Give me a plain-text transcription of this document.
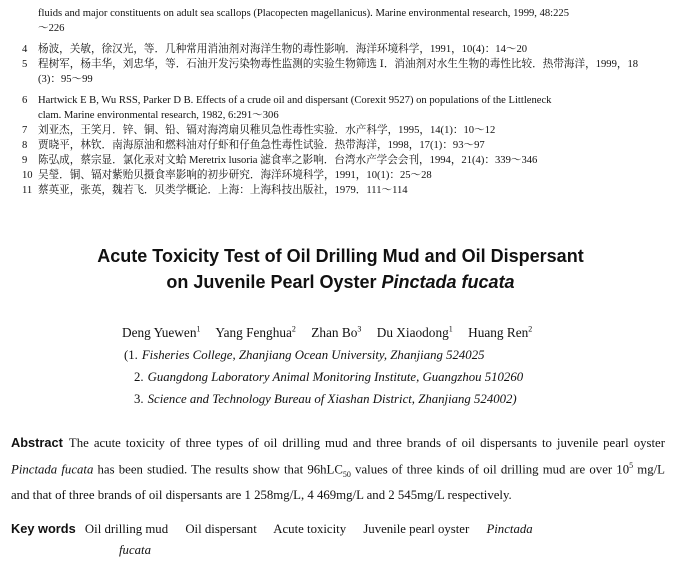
fluids and major constituents on adult sea scallops (Placopecten magellanicus). Marine environmental research, 1999, 48:225
～226
4	杨波，关敏，徐汉光，等．几种常用消油剂对海洋生物的毒性影响．海洋环境科学，1991，10(4)：14～20
5	程树军，杨丰华，刘忠华，等．石油开发污染物毒性监测的实验生物筛选 Ⅰ．消油剂对水生生物的毒性比较．热带海洋，1999，18
(3)：95～99
6	Hartwick E B, Wu RSS, Parker D B. Effects of a crude oil and dispersant (Corexit 9527) on populations of the Littleneck
clam. Marine environmental research, 1982, 6:291～306
7	刘亚杰，王笑月．锌、铜、铅、镉对海湾扇贝稚贝急性毒性实验．水产科学，1995，14(1)：10～12
8	贾晓平，林钦．南海原油和燃料油对仔虾和仔鱼急性毒性试验．热带海洋，1998，17(1)：93～97
9	陈弘成，蔡宗显．氯化汞对文蛤 Meretrix lusoria 滤食率之影响．台湾水产学会会刊，1994，21(4)：339～346
10 吴瑩．铜、镉对紫贻贝摄食率影响的初步研究．海洋环境科学，1991，10(1)：25～28
11 蔡英亚，张英，魏若飞．贝类学概论．上海：上海科技出版社，1979．111～114
Acute Toxicity Test of Oil Drilling Mud and Oil Dispersant
on Juvenile Pearl Oyster Pinctada fucata
Deng Yuewen$^1$ Yang Fenghua$^2$ Zhan Bo$^3$ Du Xiaodong$^1$ Huang Ren$^2$
(1. Fisheries College, Zhanjiang Ocean University, Zhanjiang 524025
2. Guangdong Laboratory Animal Monitoring Institute, Guangzhou 510260
3. Science and Technology Bureau of Xiashan District, Zhanjiang 524002)
Abstract The acute toxicity of three types of oil drilling mud and three brands of oil dispersants to juvenile pearl oyster Pinctada fucata has been studied. The results show that 96hLC$_{50}$ values of three kinds of oil drilling mud are over $10^5$ mg/L and that of three brands of oil dispersants are 1 258mg/L, 4 469mg/L and 2 545mg/L respectively.
Key words Oil drilling mud Oil dispersant Acute toxicity Juvenile pearl oyster Pinctada
fucata
